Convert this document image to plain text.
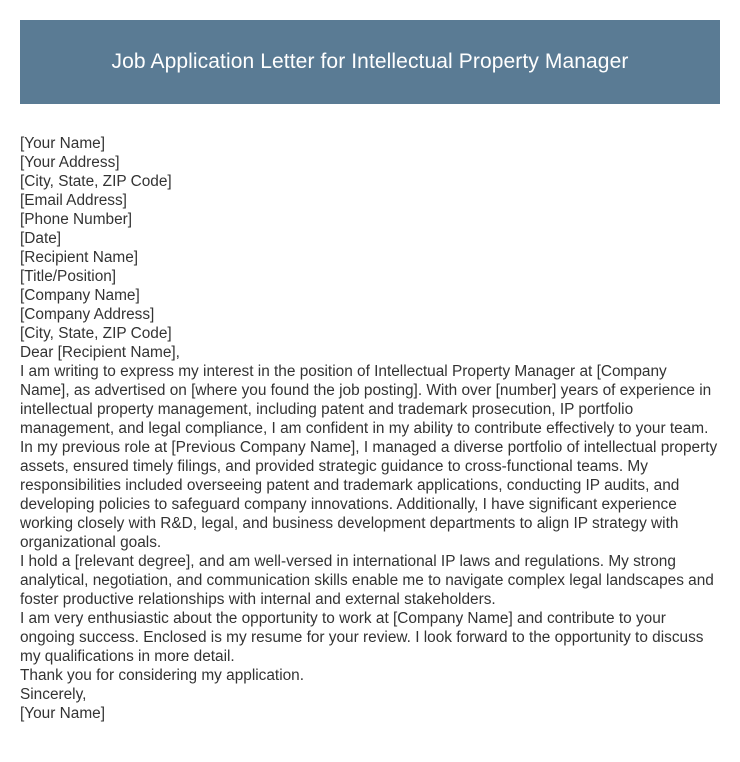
Job Application Letter for Intellectual Property Manager

[Your Name]

[Your Address]

[City, State, ZIP Code]

[Email Address]

[Phone Number]

[Date]

[Recipient Name]

[Title/Position]

[Company Name]

[Company Address]

[City, State, ZIP Code]

Dear [Recipient Name],

I am writing to express my interest in the position of Intellectual Property Manager at [Company Name], as advertised on [where you found the job posting]. With over [number] years of experience in intellectual property management, including patent and trademark prosecution, IP portfolio management, and legal compliance, I am confident in my ability to contribute effectively to your team.

In my previous role at [Previous Company Name], I managed a diverse portfolio of intellectual property assets, ensured timely filings, and provided strategic guidance to cross-functional teams. My responsibilities included overseeing patent and trademark applications, conducting IP audits, and developing policies to safeguard company innovations. Additionally, I have significant experience working closely with R&D, legal, and business development departments to align IP strategy with organizational goals.

I hold a [relevant degree], and am well-versed in international IP laws and regulations. My strong analytical, negotiation, and communication skills enable me to navigate complex legal landscapes and foster productive relationships with internal and external stakeholders.

I am very enthusiastic about the opportunity to work at [Company Name] and contribute to your ongoing success. Enclosed is my resume for your review. I look forward to the opportunity to discuss my qualifications in more detail.

Thank you for considering my application.

Sincerely,

[Your Name]
